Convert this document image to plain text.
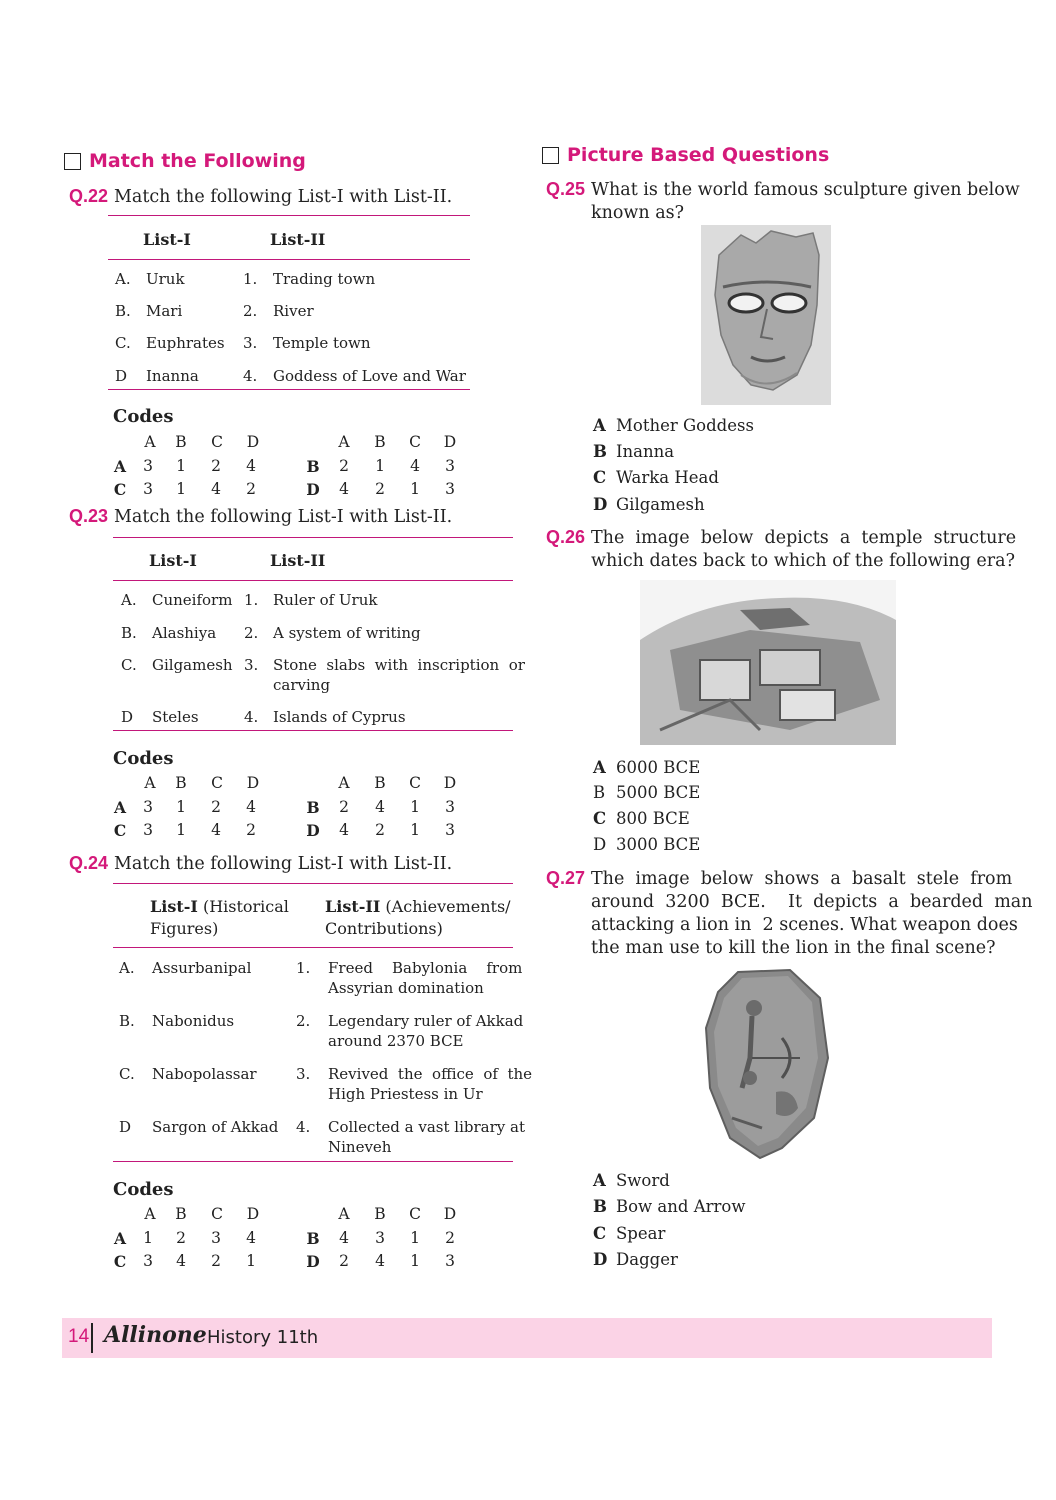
Match the Following
Q.22 Match the following List-I with List-II.
List-I	List-II
A. Uruk	1. Trading town
B. Mari	2. River
C. Euphrates 3. Temple town
D Inanna	4. Goddess of Love and War
Codes
A	B	C	D	A	B	C	D
A	3	1	2	4	B	2	1	4	3
C	3	1	4	2	D	4	2	1	3
Q.23 Match the following List-I with List-II.
List-I	List-II
A. Cuneiform 1. Ruler of Uruk
B. Alashiya 2. A system of writing
C. Gilgamesh 3. Stone  slabs  with  inscription  or
carving
D Steles	4. Islands of Cyprus
Codes
A	B	C	D	A	B	C	D
A	3	1	2	4	B	2	4	1	3
C	3	1	4	2	D	4	2	1	3
Q.24 Match the following List-I with List-II.
List-I (Historical
Figures)
List-II (Achievements/
Contributions)
A. Assurbanipal	1. Freed    Babylonia    from
Assyrian domination
B. Nabonidus	2. Legendary ruler of Akkad
around 2370 BCE
C. Nabopolassar	3. Revived  the  office  of  the
High Priestess in Ur
D Sargon of Akkad 4. Collected a vast library at
Nineveh
Codes
A	B	C	D	A	B	C	D
A	1	2	3	4	B	4	3	1	2
C	3	4	2	1	D	2	4	1	3
Picture Based Questions
Q.25 What is the world famous sculpture given below
known as?
A Mother Goddess
B Inanna
C Warka Head
D Gilgamesh
Q.26 The  image  below  depicts  a  temple  structure
which dates back to which of the following era?
A 6000 BCE
B 5000 BCE
C 800 BCE
D 3000 BCE
Q.27 The  image  below  shows  a  basalt  stele  from
around  3200  BCE.    It  depicts  a  bearded  man
attacking a lion in  2 scenes. What weapon does
the man use to kill the lion in the final scene?
A Sword
B Bow and Arrow
C Spear
D Dagger
14 Allinone History 11th
